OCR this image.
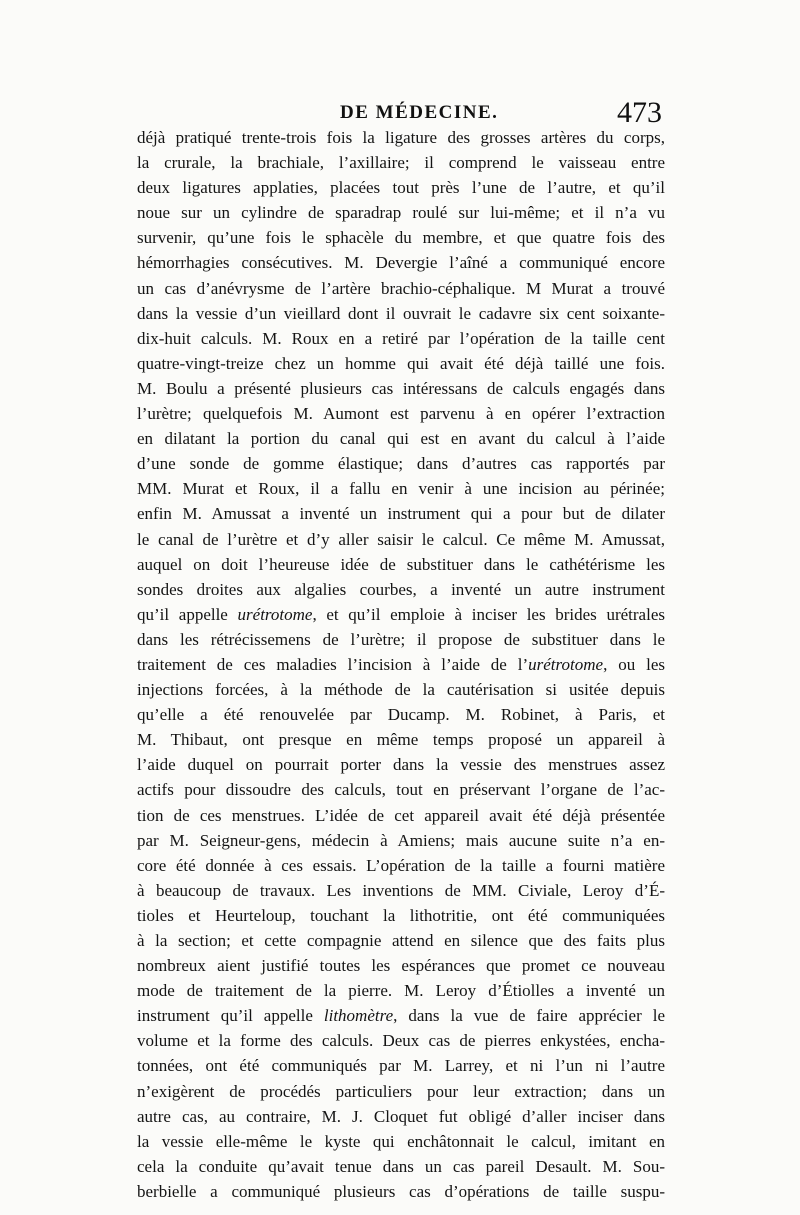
DE MÉDECINE.	473
déjà pratiqué trente-trois fois la ligature des grosses artères du corps,
la crurale, la brachiale, l’axillaire; il comprend le vaisseau entre
deux ligatures applaties, placées tout près l’une de l’autre, et qu’il
noue sur un cylindre de sparadrap roulé sur lui-même; et il n’a vu
survenir, qu’une fois le sphacèle du membre, et que quatre fois des
hémorrhagies consécutives. M. Devergie l’aîné a communiqué encore
un cas d’anévrysme de l’artère brachio-céphalique. M Murat a trouvé
dans la vessie d’un vieillard dont il ouvrait le cadavre six cent soixante-
dix-huit calculs. M. Roux en a retiré par l’opération de la taille cent
quatre-vingt-treize chez un homme qui avait été déjà taillé une fois.
M. Boulu a présenté plusieurs cas intéressans de calculs engagés dans
l’urètre; quelquefois M. Aumont est parvenu à en opérer l’extraction
en dilatant la portion du canal qui est en avant du calcul à l’aide
d’une sonde de gomme élastique; dans d’autres cas rapportés par
MM. Murat et Roux, il a fallu en venir à une incision au périnée;
enfin M. Amussat a inventé un instrument qui a pour but de dilater
le canal de l’urètre et d’y aller saisir le calcul. Ce même M. Amussat,
auquel on doit l’heureuse idée de substituer dans le cathétérisme les
sondes droites aux algalies courbes, a inventé un autre instrument
qu’il appelle urétrotome, et qu’il emploie à inciser les brides urétrales
dans les rétrécissemens de l’urètre; il propose de substituer dans le
traitement de ces maladies l’incision à l’aide de l’urétrotome, ou les
injections forcées, à la méthode de la cautérisation si usitée depuis
qu’elle a été renouvelée par Ducamp. M. Robinet, à Paris, et
M. Thibaut, ont presque en même temps proposé un appareil à
l’aide duquel on pourrait porter dans la vessie des menstrues assez
actifs pour dissoudre des calculs, tout en préservant l’organe de l’ac-
tion de ces menstrues. L’idée de cet appareil avait été déjà présentée
par M. Seigneur-gens, médecin à Amiens; mais aucune suite n’a en-
core été donnée à ces essais. L’opération de la taille a fourni matière
à beaucoup de travaux. Les inventions de MM. Civiale, Leroy d’É-
tioles et Heurteloup, touchant la lithotritie, ont été communiquées
à la section; et cette compagnie attend en silence que des faits plus
nombreux aient justifié toutes les espérances que promet ce nouveau
mode de traitement de la pierre. M. Leroy d’Étiolles a inventé un
instrument qu’il appelle lithomètre, dans la vue de faire apprécier le
volume et la forme des calculs. Deux cas de pierres enkystées, encha-
tonnées, ont été communiqués par M. Larrey, et ni l’un ni l’autre
n’exigèrent de procédés particuliers pour leur extraction; dans un
autre cas, au contraire, M. J. Cloquet fut obligé d’aller inciser dans
la vessie elle-même le kyste qui enchâtonnait le calcul, imitant en
cela la conduite qu’avait tenue dans un cas pareil Desault. M. Sou-
berbielle a communiqué plusieurs cas d’opérations de taille suspu-
